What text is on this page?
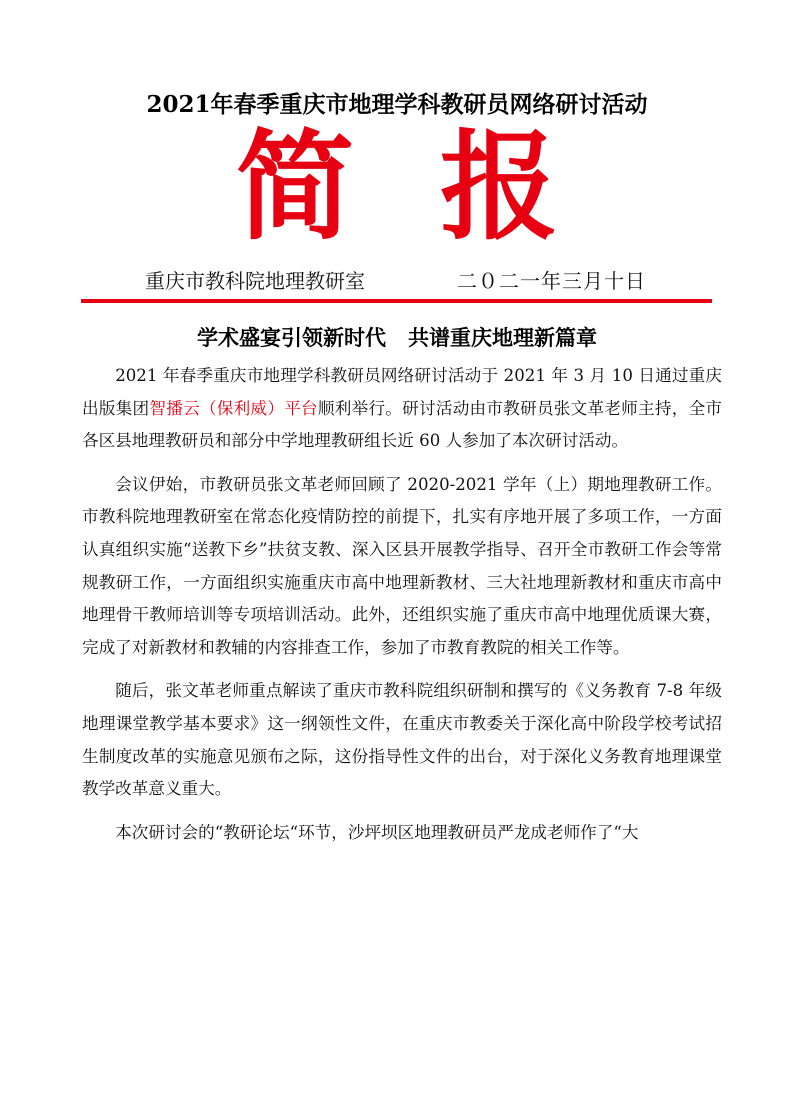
2021年春季重庆市地理学科教研员网络研讨活动
简 报
重庆市教科院地理教研室	二０二一年三月十日
学术盛宴引领新时代 共谱重庆地理新篇章

2021 年春季重庆市地理学科教研员网络研讨活动于 2021 年 3 月 10 日通过重庆出版集团智播云（保利威）平台顺利举行。研讨活动由市教研员张文革老师主持，全市各区县地理教研员和部分中学地理教研组长近 60 人参加了本次研讨活动。

会议伊始，市教研员张文革老师回顾了 2020-2021 学年（上）期地理教研工作。市教科院地理教研室在常态化疫情防控的前提下，扎实有序地开展了多项工作，一方面认真组织实施“送教下乡”扶贫支教、深入区县开展教学指导、召开全市教研工作会等常规教研工作，一方面组织实施重庆市高中地理新教材、三大社地理新教材和重庆市高中地理骨干教师培训等专项培训活动。此外，还组织实施了重庆市高中地理优质课大赛，完成了对新教材和教辅的内容排查工作，参加了市教育教院的相关工作等。

随后，张文革老师重点解读了重庆市教科院组织研制和撰写的《义务教育 7-8 年级地理课堂教学基本要求》这一纲领性文件，在重庆市教委关于深化高中阶段学校考试招生制度改革的实施意见颁布之际，这份指导性文件的出台，对于深化义务教育地理课堂教学改革意义重大。

本次研讨会的“教研论坛“环节，沙坪坝区地理教研员严龙成老师作了“大
